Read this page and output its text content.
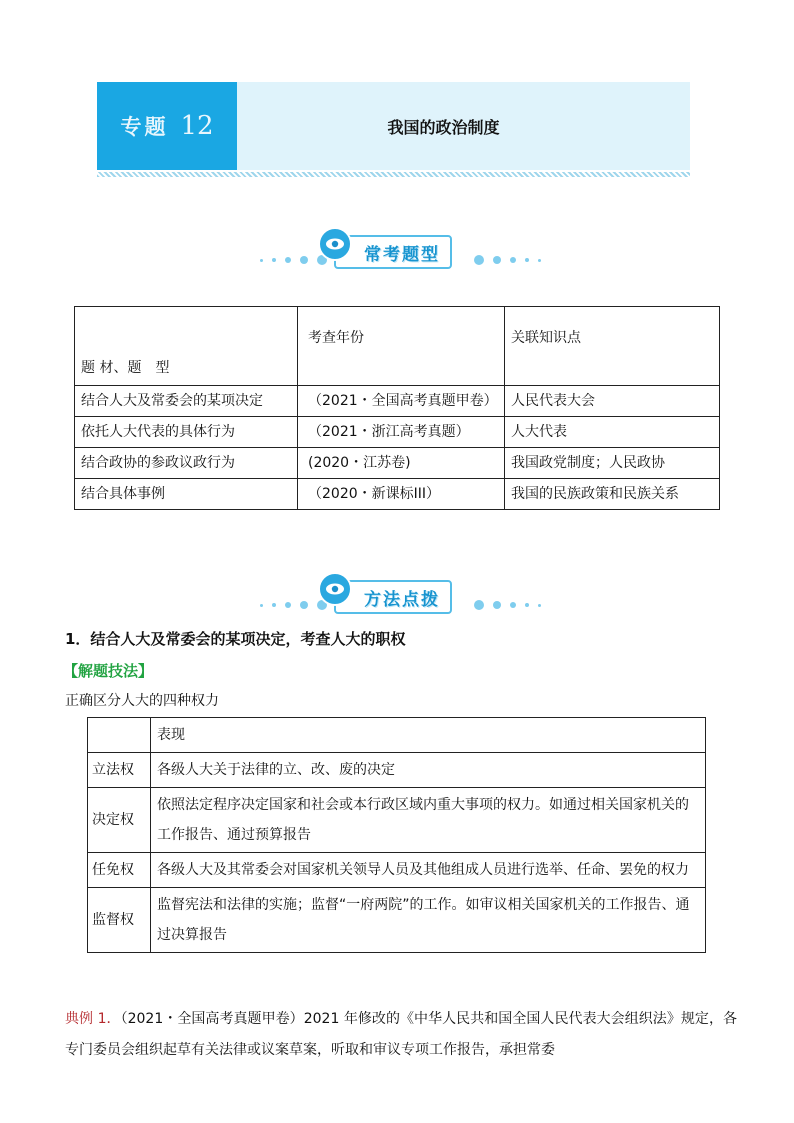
专题 12	我国的政治制度
常考题型
题 材、题　型	考查年份	关联知识点
结合人大及常委会的某项决定	（2021・全国高考真题甲卷）	人民代表大会
依托人大代表的具体行为	（2021・浙江高考真题）	人大代表
结合政协的参政议政行为	(2020・江苏卷)	我国政党制度；人民政协
结合具体事例	（2020・新课标III）	我国的民族政策和民族关系
方法点拨
1．结合人大及常委会的某项决定，考查人大的职权
【解题技法】
正确区分人大的四种权力
	表现
立法权	各级人大关于法律的立、改、废的决定
决定权	依照法定程序决定国家和社会或本行政区域内重大事项的权力。如通过相关国家机关的工作报告、通过预算报告
任免权	各级人大及其常委会对国家机关领导人员及其他组成人员进行选举、任命、罢免的权力
监督权	监督宪法和法律的实施；监督“一府两院”的工作。如审议相关国家机关的工作报告、通过决算报告
典例 1．（2021・全国高考真题甲卷）2021 年修改的《中华人民共和国全国人民代表大会组织法》规定，各专门委员会组织起草有关法律或议案草案，听取和审议专项工作报告，承担常委
